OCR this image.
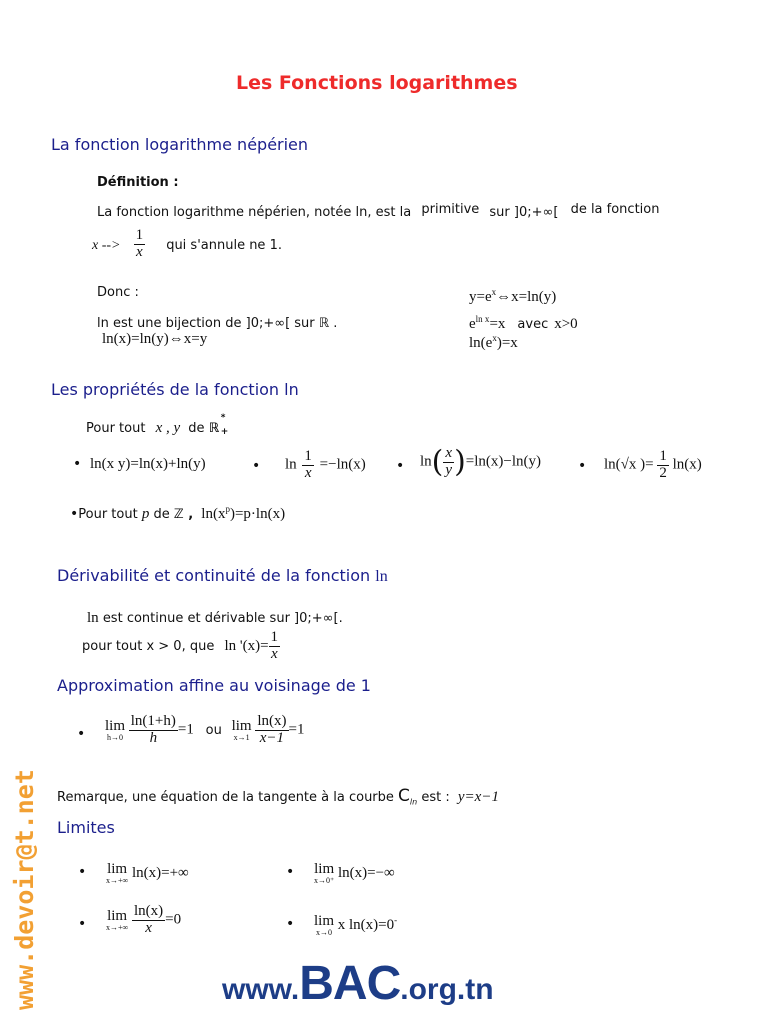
Les Fonctions logarithmes
La fonction logarithme népérien
Définition :
La fonction logarithme népérien, notée ln, est la primitive sur ]0;+∞[ de la fonction
x --> $\frac{1}{x}$ qui s'annule ne 1.
Donc :
ln est une bijection de ]0;+∞[ sur ℝ .
ln(x)=ln(y)⇔x=y
$y=e^x\Leftrightarrow x=\ln(y)$
$e^{ln x}=x$ avec x>0
$\ln(e^x)=x$
Les propriétés de la fonction ln
Pour tout x , y de ℝ
*
+
• ln(x y)=ln(x)+ln(y)	• $\ln \frac{1}{x} =-\ln(x)$ • $\ln( \frac{x}{y} )=\ln(x)-\ln(y)$	• ln(√x )= $\frac{1}{2} \ln(x)$
•Pour tout p de ℤ , $\ln(x^p)=p\cdot\ln(x)$
Dérivabilité et continuité de la fonction ln
ln est continue et dérivable sur ]0;+∞[.
pour tout x > 0, que ln '$(x)= \frac{1}{x}$
Approximation affine au voisinage de 1
•
lim
h→0
$\frac{\ln(1+h)}{h} =1$ ou lim
x→1
$\frac{\ln(x)}{x-1} =1$
Remarque, une équation de la tangente à la courbe $C_{ln}$ est : y=x−1
Limites
• lim
x→+∞ ln(x)=+∞	• lim
x→0⁺ ln(x)=−∞
•
lim
x→+∞
$\frac{\ln(x)}{x} =0$	• lim
x→0 x ln(x)=0-
www.devoir@t.net	www.BAC.org.tn
